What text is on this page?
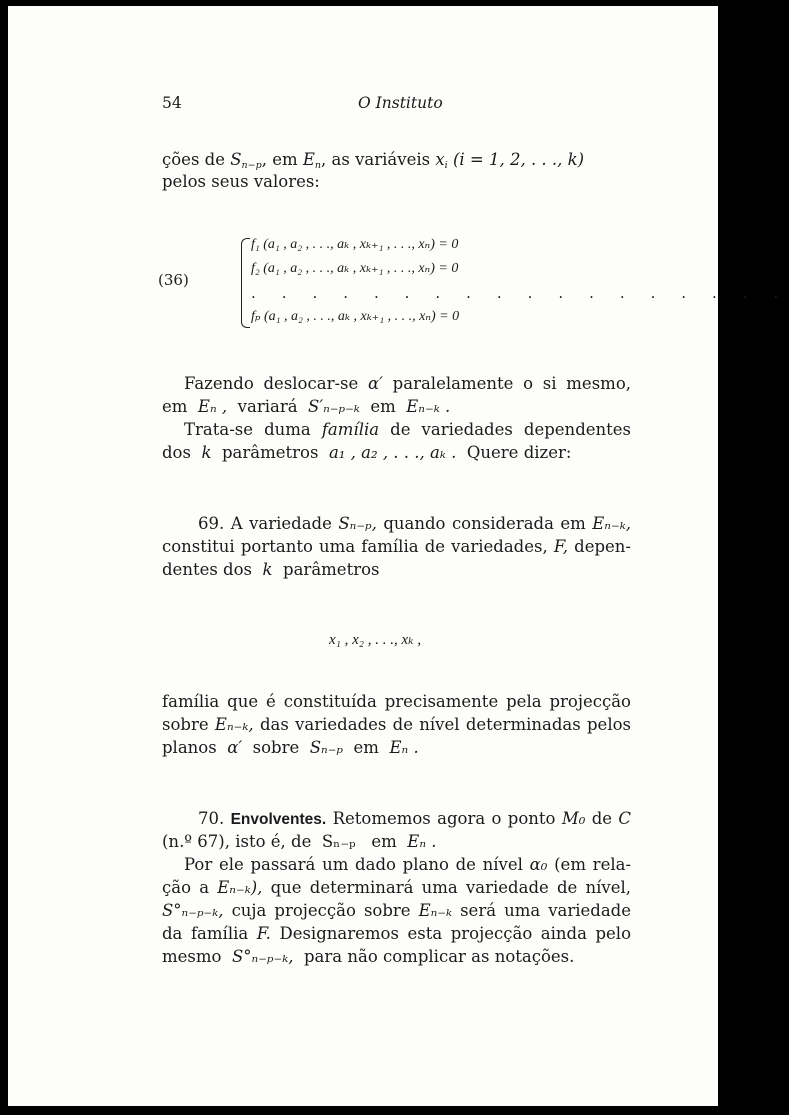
54	O Instituto
ções de $S_{n-p}$, em $E_n$, as variáveis $x_i$ (i = 1, 2, . . ., k)
pelos seus valores:
(36)
f₁ (a₁ , a₂ , . . ., aₖ , xₖ₊₁ , . . ., xₙ) = 0
f₂ (a₁ , a₂ , . . ., aₖ , xₖ₊₁ , . . ., xₙ) = 0
. . . . . . . . . . . . . . . . . .
fₚ (a₁ , a₂ , . . ., aₖ , xₖ₊₁ , . . ., xₙ) = 0
Fazendo deslocar-se α′ paralelamente o si mesmo,
em Eₙ , variará S′ₙ₋ₚ₋ₖ em Eₙ₋ₖ .
Trata-se duma família de variedades dependentes
dos k parâmetros a₁ , a₂ , . . ., aₖ . Quere dizer:
69. A variedade Sₙ₋ₚ, quando considerada em Eₙ₋ₖ,
constitui portanto uma família de variedades, F, depen-
dentes dos k parâmetros
x₁ , x₂ , . . ., xₖ ,
família que é constituída precisamente pela projecção
sobre Eₙ₋ₖ, das variedades de nível determinadas pelos
planos α′ sobre Sₙ₋ₚ em Eₙ .
70. Envolventes. Retomemos agora o ponto M₀ de C
(n.º 67), isto é, de Sₙ₋ₚ em Eₙ .
Por ele passará um dado plano de nível α₀ (em rela-
ção a Eₙ₋ₖ), que determinará uma variedade de nível,
S°ₙ₋ₚ₋ₖ, cuja projecção sobre Eₙ₋ₖ será uma variedade
da família F. Designaremos esta projecção ainda pelo
mesmo S°ₙ₋ₚ₋ₖ, para não complicar as notações.
